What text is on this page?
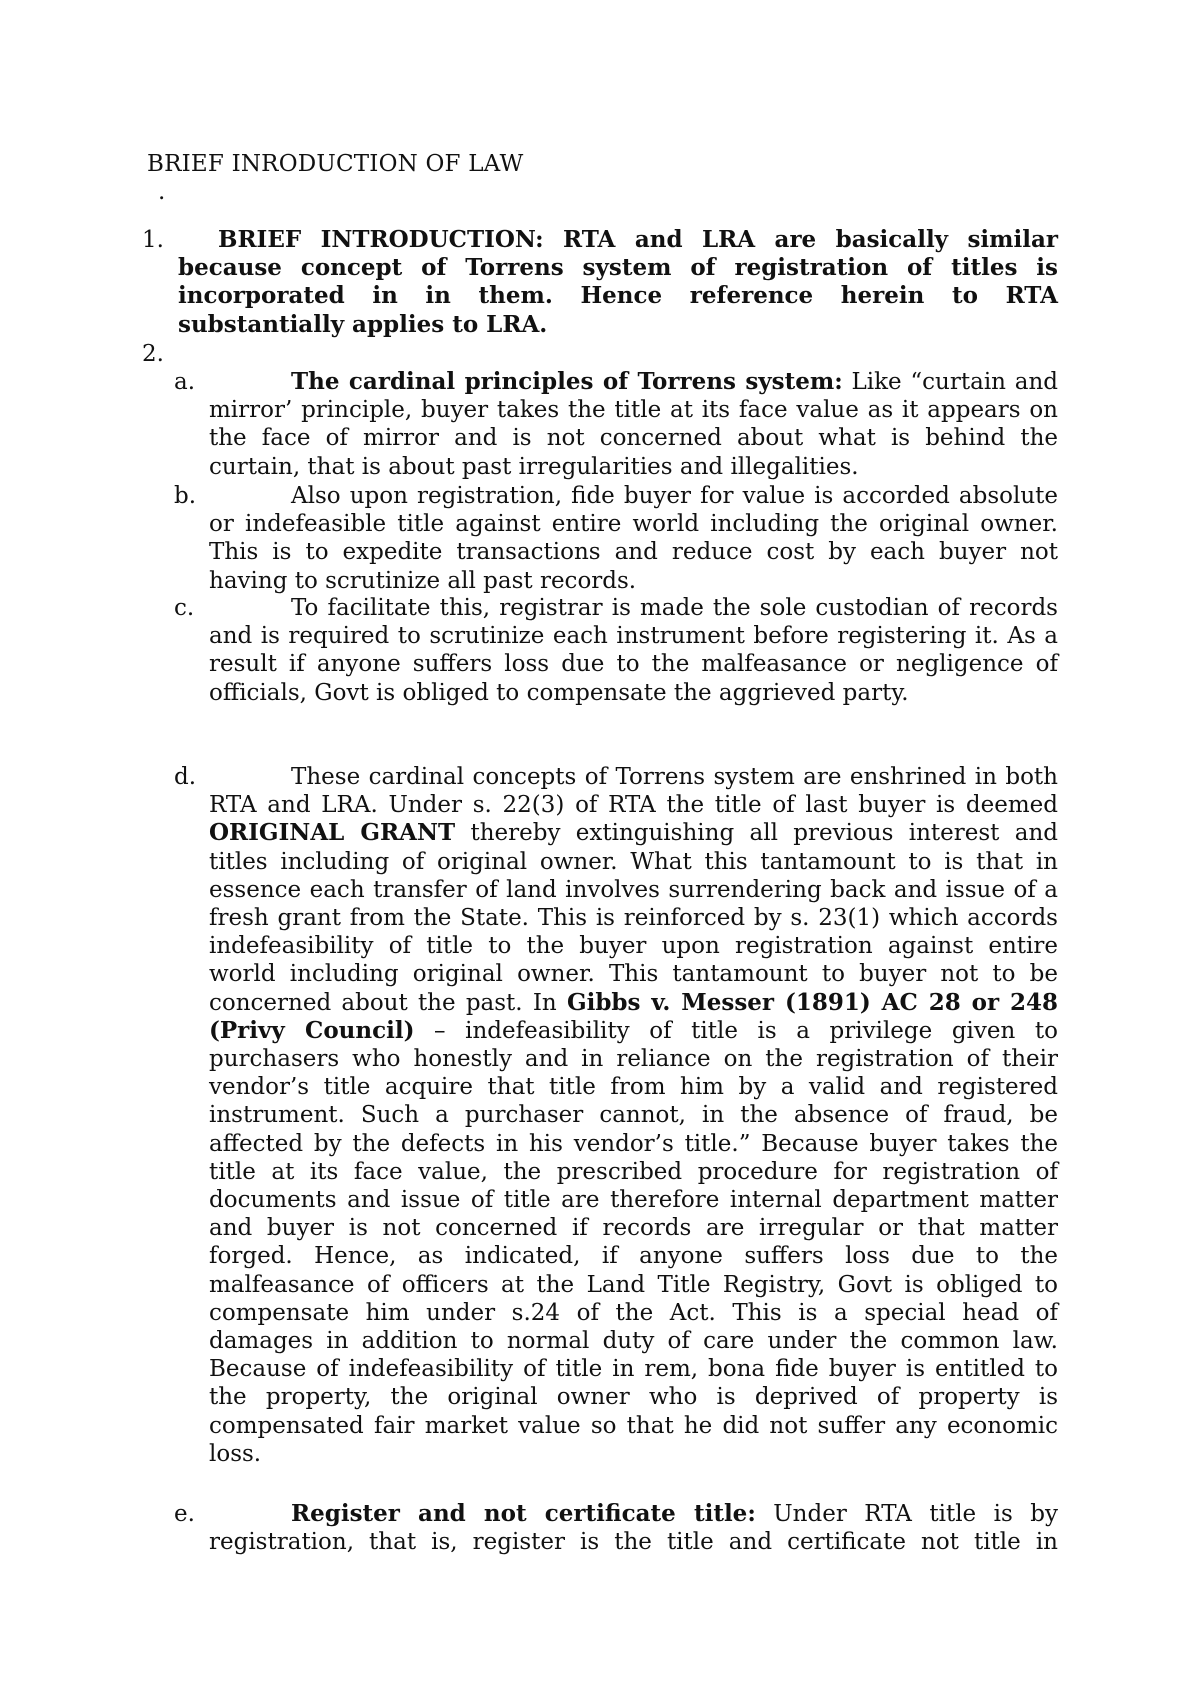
BRIEF INRODUCTION OF LAW
.
1.	BRIEF INTRODUCTION: RTA and LRA are basically similar because concept of Torrens system of registration of titles is incorporated in in them. Hence reference herein to RTA substantially applies to LRA.
2.
a.	The cardinal principles of Torrens system: Like “curtain and mirror’ principle, buyer takes the title at its face value as it appears on the face of mirror and is not concerned about what is behind the curtain, that is about past irregularities and illegalities.
b.	Also upon registration, fide buyer for value is accorded absolute or indefeasible title against entire world including the original owner. This is to expedite transactions and reduce cost by each buyer not having to scrutinize all past records.
c.	To facilitate this, registrar is made the sole custodian of records and is required to scrutinize each instrument before registering it. As a result if anyone suffers loss due to the malfeasance or negligence of officials, Govt is obliged to compensate the aggrieved party.
d.	These cardinal concepts of Torrens system are enshrined in both RTA and LRA. Under s. 22(3) of RTA the title of last buyer is deemed ORIGINAL GRANT thereby extinguishing all previous interest and titles including of original owner. What this tantamount to is that in essence each transfer of land involves surrendering back and issue of a fresh grant from the State. This is reinforced by s. 23(1) which accords indefeasibility of title to the buyer upon registration against entire world including original owner. This tantamount to buyer not to be concerned about the past. In Gibbs v. Messer (1891) AC 28 or 248 (Privy Council) – indefeasibility of title is a privilege given to purchasers who honestly and in reliance on the registration of their vendor’s title acquire that title from him by a valid and registered instrument. Such a purchaser cannot, in the absence of fraud, be affected by the defects in his vendor’s title.” Because buyer takes the title at its face value, the prescribed procedure for registration of documents and issue of title are therefore internal department matter and buyer is not concerned if records are irregular or that matter forged. Hence, as indicated, if anyone suffers loss due to the malfeasance of officers at the Land Title Registry, Govt is obliged to compensate him under s.24 of the Act. This is a special head of damages in addition to normal duty of care under the common law. Because of indefeasibility of title in rem, bona fide buyer is entitled to the property, the original owner who is deprived of property is compensated fair market value so that he did not suffer any economic loss.
e.	Register and not certificate title: Under RTA title is by registration, that is, register is the title and certificate not title in
